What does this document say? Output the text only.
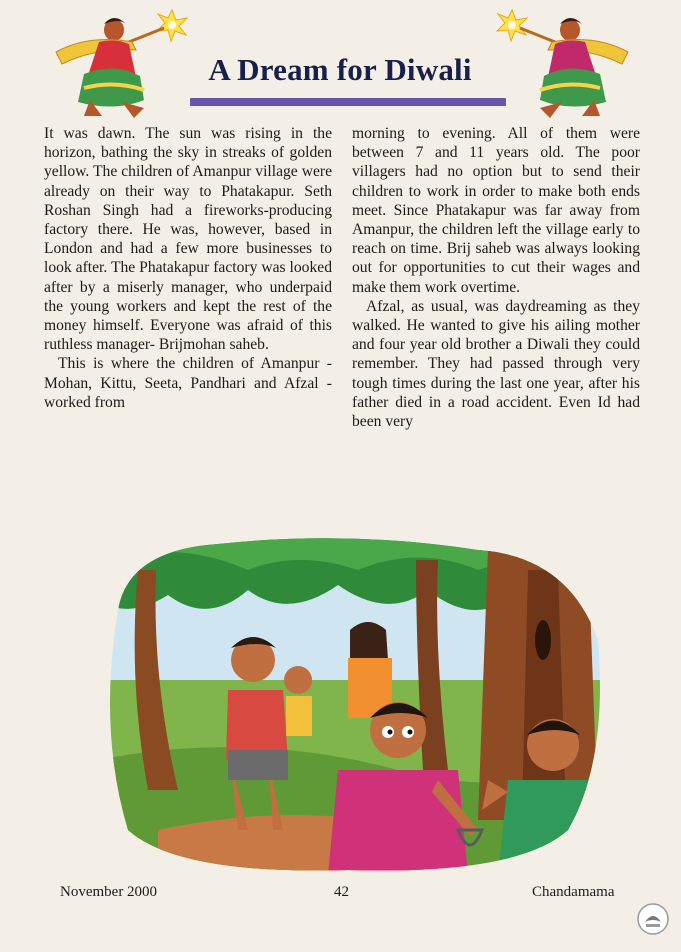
A Dream for Diwali

It was dawn. The sun was rising in the horizon, bathing the sky in streaks of golden yellow. The children of Amanpur village were already on their way to Phatakapur. Seth Roshan Singh had a fireworks-producing factory there. He was, however, based in London and had a few more businesses to look after. The Phatakapur factory was looked after by a miserly manager, who underpaid the young workers and kept the rest of the money himself. Everyone was afraid of this ruthless manager- Brijmohan saheb.

This is where the children of Amanpur - Mohan, Kittu, Seeta, Pandhari and Afzal - worked from

morning to evening. All of them were between 7 and 11 years old. The poor villagers had no option but to send their children to work in order to make both ends meet. Since Phatakapur was far away from Amanpur, the children left the village early to reach on time. Brij saheb was always looking out for opportunities to cut their wages and make them work overtime.

Afzal, as usual, was daydreaming as they walked. He wanted to give his ailing mother and four year old brother a Diwali they could remember. They had passed through very tough times during the last one year, after his father died in a road accident. Even Id had been very

November 2000	42	Chandamama
